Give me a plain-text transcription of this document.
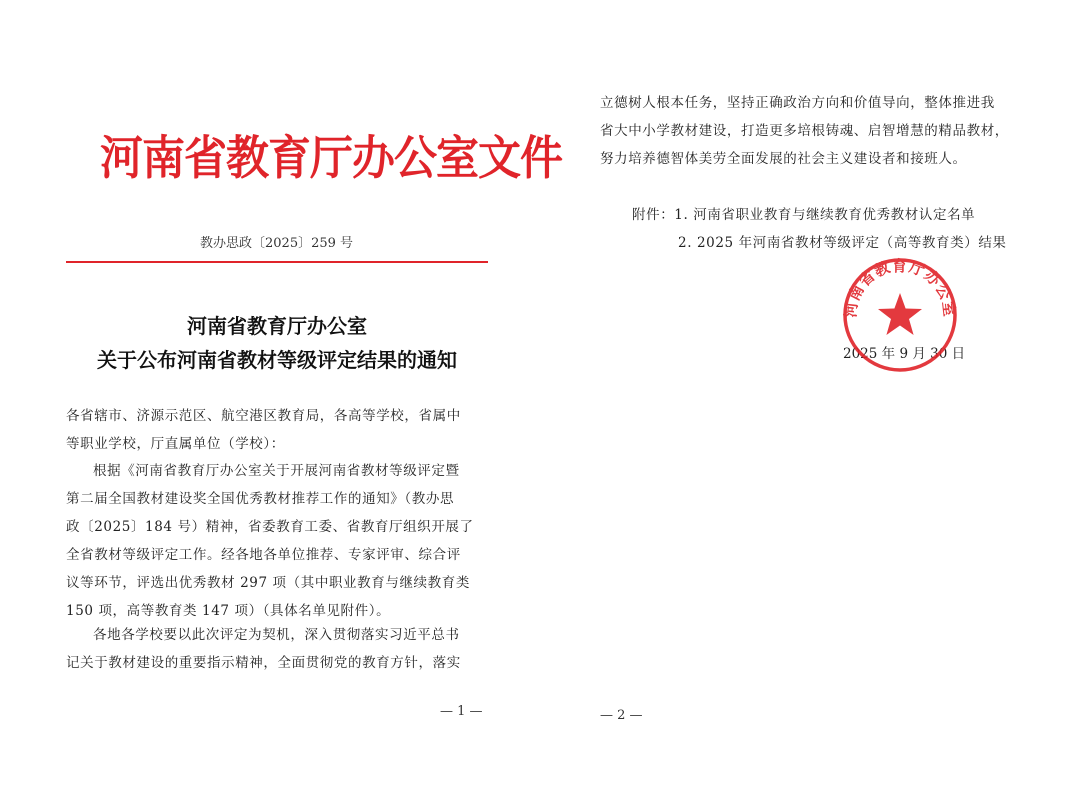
河南省教育厅办公室文件
教办思政〔2025〕259 号
河南省教育厅办公室
关于公布河南省教材等级评定结果的通知
各省辖市、济源示范区、航空港区教育局，各高等学校，省属中
等职业学校，厅直属单位（学校）：
根据《河南省教育厅办公室关于开展河南省教材等级评定暨
第二届全国教材建设奖全国优秀教材推荐工作的通知》（教办思
政〔2025〕184 号）精神，省委教育工委、省教育厅组织开展了
全省教材等级评定工作。经各地各单位推荐、专家评审、综合评
议等环节，评选出优秀教材 297 项（其中职业教育与继续教育类
150 项，高等教育类 147 项）（具体名单见附件）。
各地各学校要以此次评定为契机，深入贯彻落实习近平总书
记关于教材建设的重要指示精神，全面贯彻党的教育方针，落实
— 1 —
立德树人根本任务，坚持正确政治方向和价值导向，整体推进我
省大中小学教材建设，打造更多培根铸魂、启智增慧的精品教材，
努力培养德智体美劳全面发展的社会主义建设者和接班人。
附件：1. 河南省职业教育与继续教育优秀教材认定名单
2. 2025 年河南省教材等级评定（高等教育类）结果
2025 年 9 月 30 日
河南省教育厅办公室
— 2 —
